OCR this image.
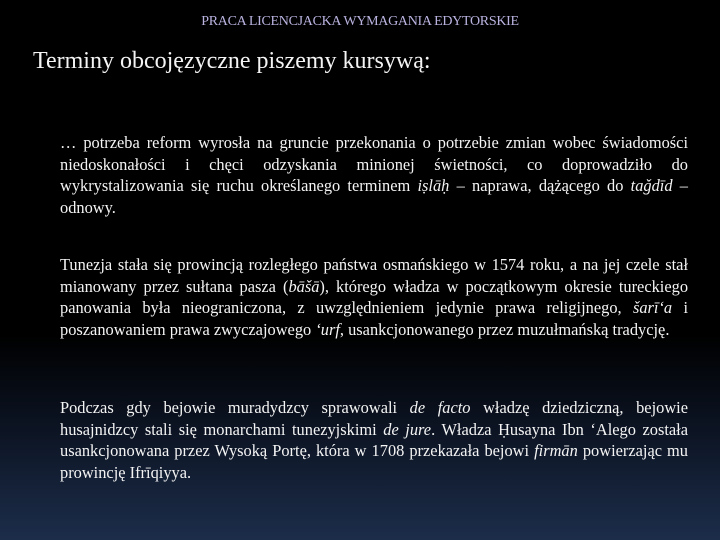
PRACA LICENCJACKA WYMAGANIA EDYTORSKIE
Terminy obcojęzyczne piszemy kursywą:
… potrzeba reform wyrosła na gruncie przekonania o potrzebie zmian wobec świadomości niedoskonałości i chęci odzyskania minionej świetności, co doprowadziło do wykrystalizowania się ruchu określanego terminem iṣlāḥ – naprawa, dążącego do taǧdīd – odnowy.
Tunezja stała się prowincją rozległego państwa osmańskiego w 1574 roku, a na jej czele stał mianowany przez sułtana pasza (bāšā), którego władza w początkowym okresie tureckiego panowania była nieograniczona, z uwzględnieniem jedynie prawa religijnego, šarī‘a i poszanowaniem prawa zwyczajowego ‘urf, usankcjonowanego przez muzułmańską tradycję.
Podczas gdy bejowie muradydzcy sprawowali de facto władzę dziedziczną, bejowie husajnidzcy stali się monarchami tunezyjskimi de jure. Władza Ḥusayna Ibn ‘Alego została usankcjonowana przez Wysoką Portę, która w 1708 przekazała bejowi firmān powierzając mu prowincję Ifrīqiyya.
